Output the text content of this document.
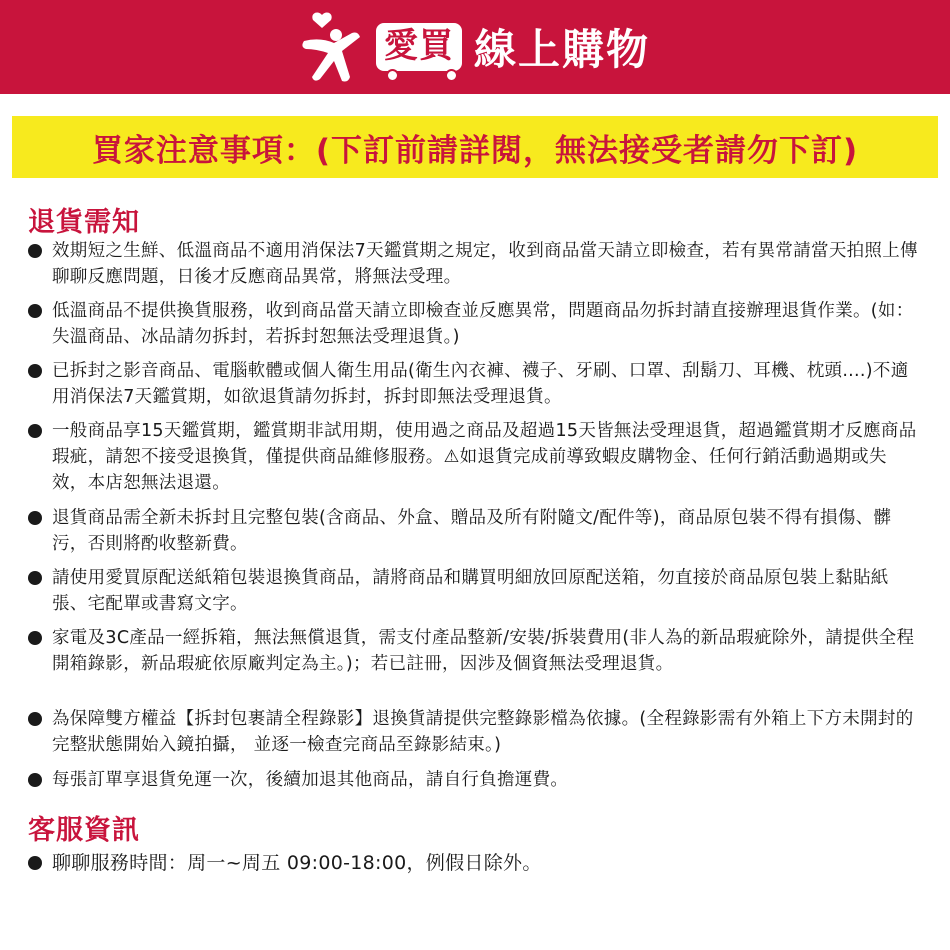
愛買 線上購物
買家注意事項：(下訂前請詳閱，無法接受者請勿下訂)
退貨需知
效期短之生鮮、低溫商品不適用消保法7天鑑賞期之規定，收到商品當天請立即檢查，若有異常請當天拍照上傳聊聊反應問題，日後才反應商品異常，將無法受理。
低溫商品不提供換貨服務，收到商品當天請立即檢查並反應異常，問題商品勿拆封請直接辦理退貨作業。(如：失溫商品、冰品請勿拆封，若拆封恕無法受理退貨。)
已拆封之影音商品、電腦軟體或個人衛生用品(衛生內衣褲、襪子、牙刷、口罩、刮鬍刀、耳機、枕頭....)不適用消保法7天鑑賞期，如欲退貨請勿拆封，拆封即無法受理退貨。
一般商品享15天鑑賞期，鑑賞期非試用期，使用過之商品及超過15天皆無法受理退貨，超過鑑賞期才反應商品瑕疵，請恕不接受退換貨，僅提供商品維修服務。⚠如退貨完成前導致蝦皮購物金、任何行銷活動過期或失效，本店恕無法退還。
退貨商品需全新未拆封且完整包裝(含商品、外盒、贈品及所有附隨文/配件等)，商品原包裝不得有損傷、髒污，否則將酌收整新費。
請使用愛買原配送紙箱包裝退換貨商品，請將商品和購買明細放回原配送箱，勿直接於商品原包裝上黏貼紙張、宅配單或書寫文字。
家電及3C產品一經拆箱，無法無償退貨，需支付產品整新/安裝/拆裝費用(非人為的新品瑕疵除外，請提供全程開箱錄影，新品瑕疵依原廠判定為主。)；若已註冊，因涉及個資無法受理退貨。
為保障雙方權益【拆封包裹請全程錄影】退換貨請提供完整錄影檔為依據。(全程錄影需有外箱上下方未開封的完整狀態開始入鏡拍攝， 並逐一檢查完商品至錄影結束。)
每張訂單享退貨免運一次，後續加退其他商品，請自行負擔運費。
客服資訊
聊聊服務時間：周一~周五 09:00-18:00，例假日除外。
